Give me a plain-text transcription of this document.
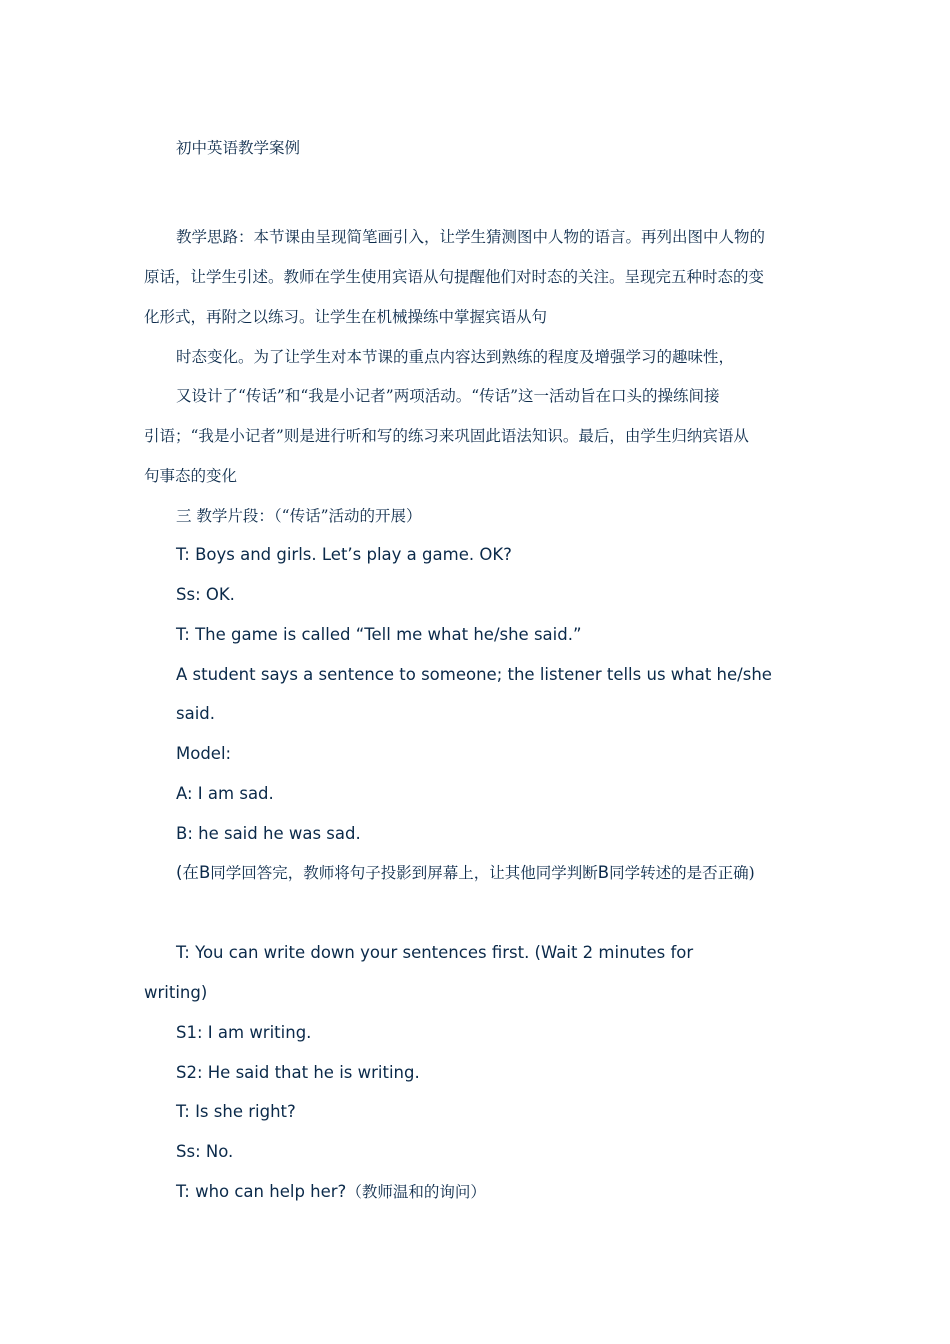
初中英语教学案例
教学思路：本节课由呈现简笔画引入，让学生猜测图中人物的语言。再列出图中人物的
原话，让学生引述。教师在学生使用宾语从句提醒他们对时态的关注。呈现完五种时态的变
化形式，再附之以练习。让学生在机械操练中掌握宾语从句
时态变化。为了让学生对本节课的重点内容达到熟练的程度及增强学习的趣味性，
又设计了“传话”和“我是小记者”两项活动。“传话”这一活动旨在口头的操练间接
引语；“我是小记者”则是进行听和写的练习来巩固此语法知识。最后，由学生归纳宾语从
句事态的变化
三 教学片段：（“传话”活动的开展）
T: Boys and girls. Let’s play a game. OK?
Ss: OK.
T: The game is called “Tell me what he/she said.”
A student says a sentence to someone; the listener tells us what he/she
said.
Model:
A: I am sad.
B: he said he was sad.
(在B同学回答完，教师将句子投影到屏幕上，让其他同学判断B同学转述的是否正确)
T: You can write down your sentences first. (Wait 2 minutes for
writing)
S1: I am writing.
S2: He said that he is writing.
T: Is she right?
Ss: No.
T: who can help her?（教师温和的询问）
